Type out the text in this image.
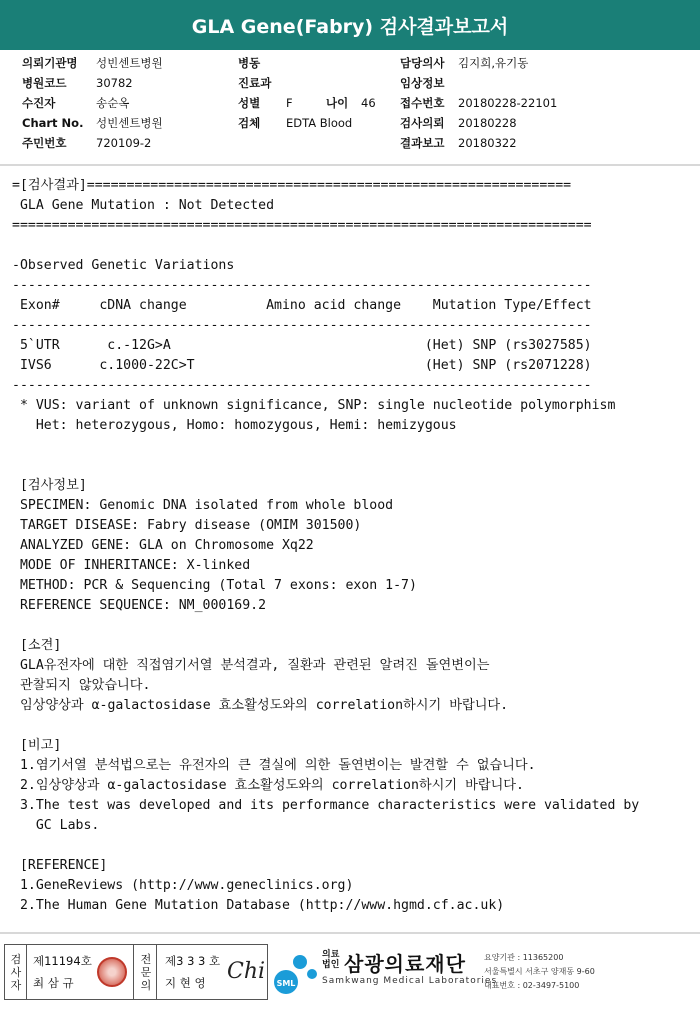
GLA Gene(Fabry) 검사결과보고서
의뢰기관명 성빈센트병원	병동	담당의사 김지희,유기동
병원코드	30782	진료과	임상정보
수진자	송순옥	성별 F	나이 46 접수번호 20180228-22101
Chart No. 성빈센트병원	검체 EDTA Blood	검사의뢰 20180228
주민번호	720109-2	결과보고 20180322
=[검사결과]=============================================================
GLA Gene Mutation : Not Detected
=========================================================================
-Observed Genetic Variations
-------------------------------------------------------------------------
Exon#     cDNA change          Amino acid change    Mutation Type/Effect
-------------------------------------------------------------------------
5`UTR      c.-12G>A                                (Het) SNP (rs3027585)
IVS6      c.1000-22C>T                             (Het) SNP (rs2071228)
-------------------------------------------------------------------------
* VUS: variant of unknown significance, SNP: single nucleotide polymorphism
Het: heterozygous, Homo: homozygous, Hemi: hemizygous
[검사정보]
SPECIMEN: Genomic DNA isolated from whole blood
TARGET DISEASE: Fabry disease (OMIM 301500)
ANALYZED GENE: GLA on Chromosome Xq22
MODE OF INHERITANCE: X-linked
METHOD: PCR & Sequencing (Total 7 exons: exon 1-7)
REFERENCE SEQUENCE: NM_000169.2
[소견]
GLA유전자에 대한 직접염기서열 분석결과, 질환과 관련된 알려진 돌연변이는
관찰되지 않았습니다.
임상양상과 α-galactosidase 효소활성도와의 correlation하시기 바랍니다.
[비고]
1.염기서열 분석법으로는 유전자의 큰 결실에 의한 돌연변이는 발견할 수 없습니다.
2.임상양상과 α-galactosidase 효소활성도와의 correlation하시기 바랍니다.
3.The test was developed and its performance characteristics were validated by
GC Labs.
[REFERENCE]
1.GeneReviews (http://www.geneclinics.org)
2.The Human Gene Mutation Database (http://www.hgmd.cf.ac.uk)
검
사
자
제11194호
최 삼 규
전
문
의
제3 3 3 호
지 현 영 Chi SML
의료
법인 삼광의료재단
Samkwang Medical Laboratories
요양기관 : 11365200
서울특별시 서초구 양재동 9-60
대표번호 : 02-3497-5100
